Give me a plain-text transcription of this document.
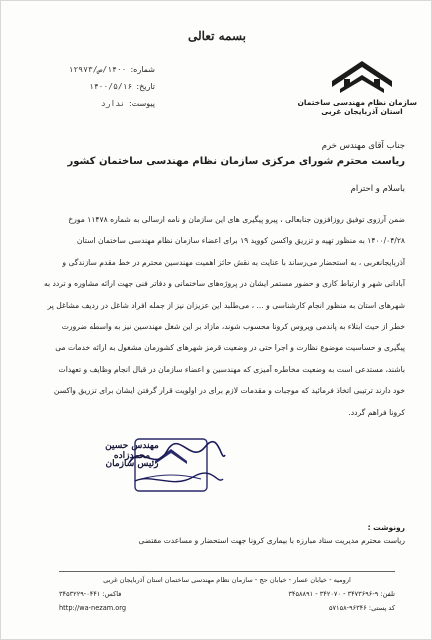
بسمه تعالی
سازمان نظام مهندسی ساختمان
استان آذربایجان غربی
شماره:
۱۴۰۰/ص/۱۲۹۷۳
تاریخ:
۱۴۰۰/۵/۱۶
پیوست:
ندارد
جناب آقای مهندس خرم
ریاست محترم شورای مرکزی سازمان نظام مهندسی ساختمان کشور
باسلام و احترام

ضمن آرزوی توفیق روزافزون جنابعالی ، پیرو پیگیری های این سازمان و نامه ارسالی به شماره ۱۱۴۷۸ مورخ

۱۴۰۰/۰۴/۲۸ به منظور تهیه و تزریق واکسن کووید ۱۹ برای اعضاء سازمان نظام مهندسی ساختمان استان

آذربایجانغربی ، به استحضار می‌رساند با عنایت به نقش حائز اهمیت مهندسین محترم در خط مقدم سازندگی و

آبادانی شهر و ارتباط کاری و حضور مستمر ایشان در پروژه‌های ساختمانی و دفاتر فنی جهت ارائه مشاوره و تردد به

شهرهای استان به منظور انجام کارشناسی و ... ، می‌طلبد این عزیزان نیز از جمله افراد شاغل در ردیف مشاغل پر

خطر از حیث ابتلاء به پاندمی ویروس کرونا محسوب شوند، مازاد بر این شغل مهندسین نیز به واسطه ضرورت

پیگیری و حساسیت موضوع نظارت و اجرا حتی در وضعیت قرمز شهرهای کشورمان مشغول به ارائه خدمات می

باشند، مستدعی است به وضعیت مخاطره آمیزی که مهندسین و اعضاء سازمان در قبال انجام وظایف و تعهدات

خود دارند ترتیبی اتخاذ فرمائید که موجبات و مقدمات لازم برای در اولویت قرار گرفتن ایشان برای تزریق واکسن

کرونا فراهم گردد.

مهندس حسین محمدزاده
رئیس سازمان
رونوشت :
ریاست محترم مدیریت ستاد مبارزه با بیماری کرونا جهت استحضار و مساعدت مقتضی
ارومیه - خیابان عسار - خیابان حج - سازمان نظام مهندسی ساختمان استان آذربایجان غربی
تلفن: ۹-۳۴۷۳۶۹۶ - ۳۴۲۰۷۰ - ۳۴۵۸۸۹۱
فاکس: ۰۴۴۱-۳۴۵۳۲۲۹
کد پستی: ۹۶۳۴۶-۵۷۱۵۸
http://wa-nezam.org
